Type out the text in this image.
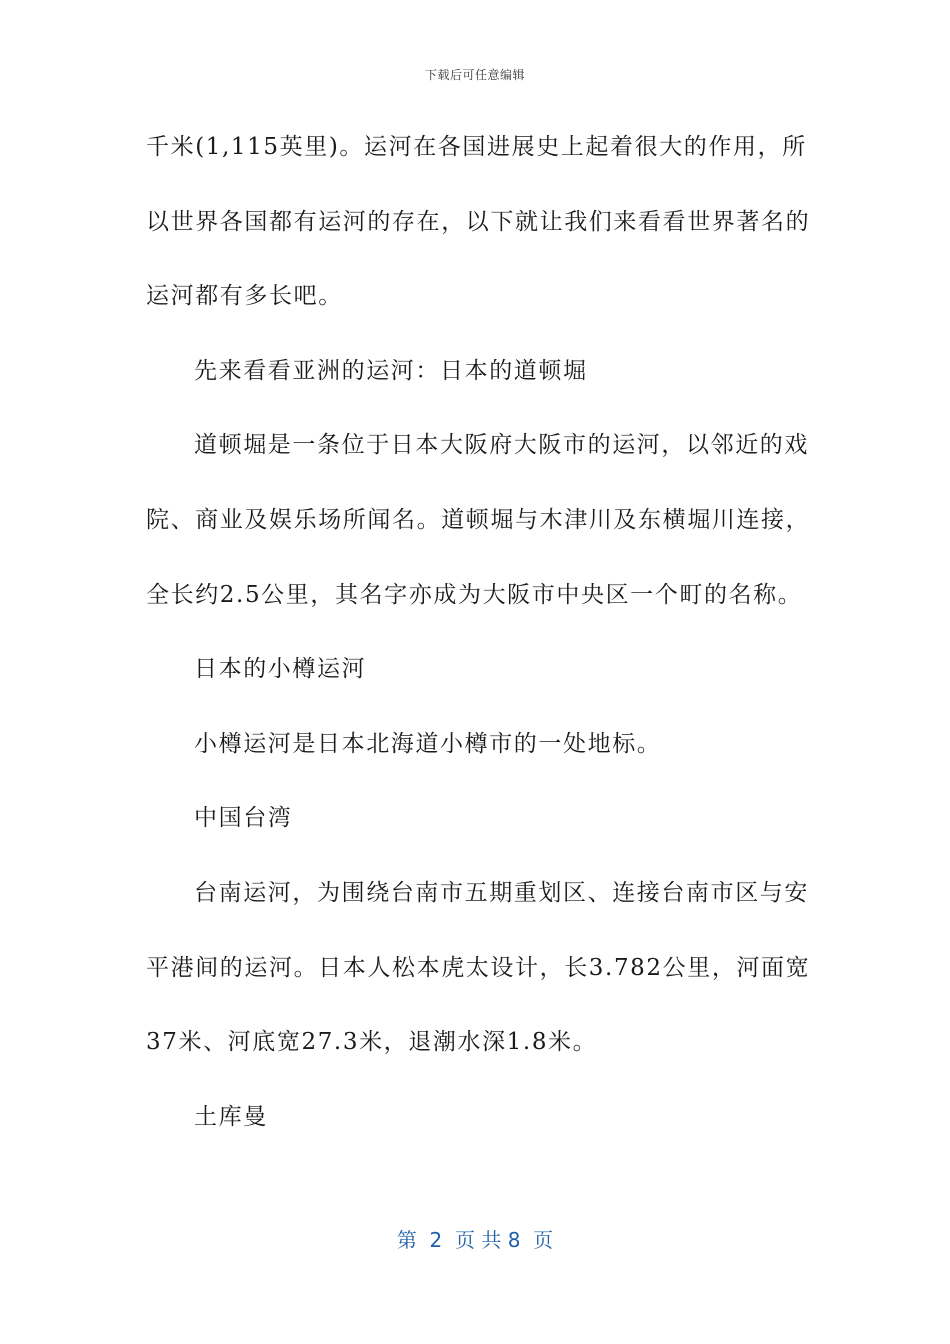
下载后可任意编辑
千米(1,115英里)。运河在各国进展史上起着很大的作用，所
以世界各国都有运河的存在，以下就让我们来看看世界著名的
运河都有多长吧。
先来看看亚洲的运河：日本的道顿堀
道顿堀是一条位于日本大阪府大阪市的运河，以邻近的戏
院、商业及娱乐场所闻名。道顿堀与木津川及东横堀川连接，
全长约2.5公里，其名字亦成为大阪市中央区一个町的名称。
日本的小樽运河
小樽运河是日本北海道小樽市的一处地标。
中国台湾
台南运河，为围绕台南市五期重划区、连接台南市区与安
平港间的运河。日本人松本虎太设计，长3.782公里，河面宽
37米、河底宽27.3米，退潮水深1.8米。
土库曼
第  2  页 共 8  页
